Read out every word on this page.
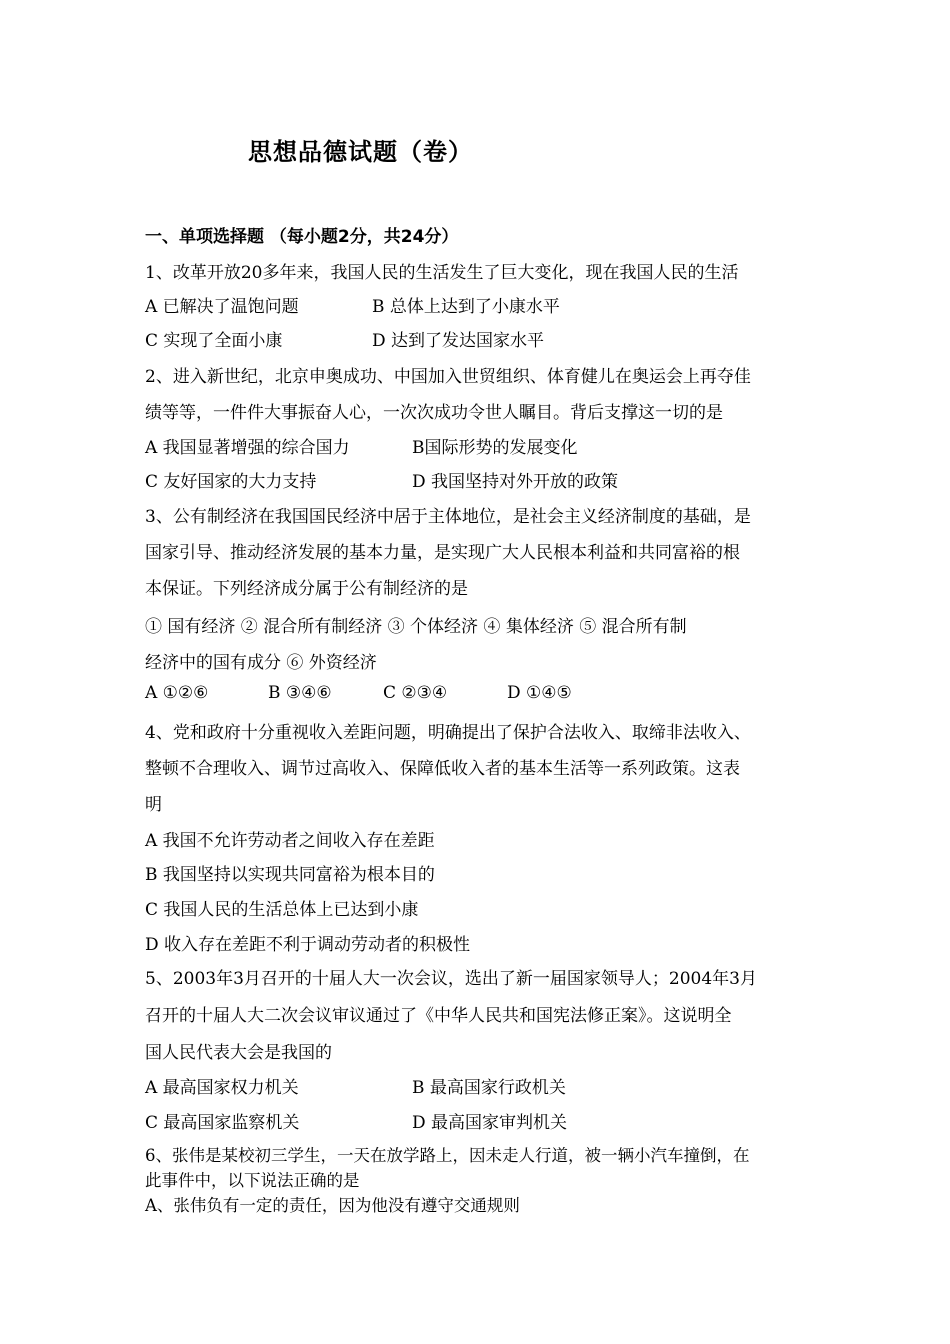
思想品德试题（卷）
一、单项选择题 （每小题2分，共24分）
1、改革开放20多年来，我国人民的生活发生了巨大变化，现在我国人民的生活
A 已解决了温饱问题	B 总体上达到了小康水平
C 实现了全面小康	D 达到了发达国家水平
2、进入新世纪，北京申奥成功、中国加入世贸组织、体育健儿在奥运会上再夺佳
绩等等，一件件大事振奋人心，一次次成功令世人瞩目。背后支撑这一切的是
A 我国显著增强的综合国力	B国际形势的发展变化
C 友好国家的大力支持	D 我国坚持对外开放的政策
3、公有制经济在我国国民经济中居于主体地位，是社会主义经济制度的基础，是
国家引导、推动经济发展的基本力量，是实现广大人民根本利益和共同富裕的根
本保证。下列经济成分属于公有制经济的是
① 国有经济 ② 混合所有制经济 ③ 个体经济 ④ 集体经济 ⑤ 混合所有制
经济中的国有成分 ⑥ 外资经济
A ①②⑥	B ③④⑥	C ②③④	D ①④⑤
4、党和政府十分重视收入差距问题，明确提出了保护合法收入、取缔非法收入、
整顿不合理收入、调节过高收入、保障低收入者的基本生活等一系列政策。这表
明
A 我国不允许劳动者之间收入存在差距
B 我国坚持以实现共同富裕为根本目的
C 我国人民的生活总体上已达到小康
D 收入存在差距不利于调动劳动者的积极性
5、2003年3月召开的十届人大一次会议，选出了新一届国家领导人；2004年3月
召开的十届人大二次会议审议通过了《中华人民共和国宪法修正案》。这说明全
国人民代表大会是我国的
A 最高国家权力机关	B 最高国家行政机关
C 最高国家监察机关	D 最高国家审判机关
6、张伟是某校初三学生，一天在放学路上，因未走人行道，被一辆小汽车撞倒，在
此事件中，以下说法正确的是
A、张伟负有一定的责任，因为他没有遵守交通规则
